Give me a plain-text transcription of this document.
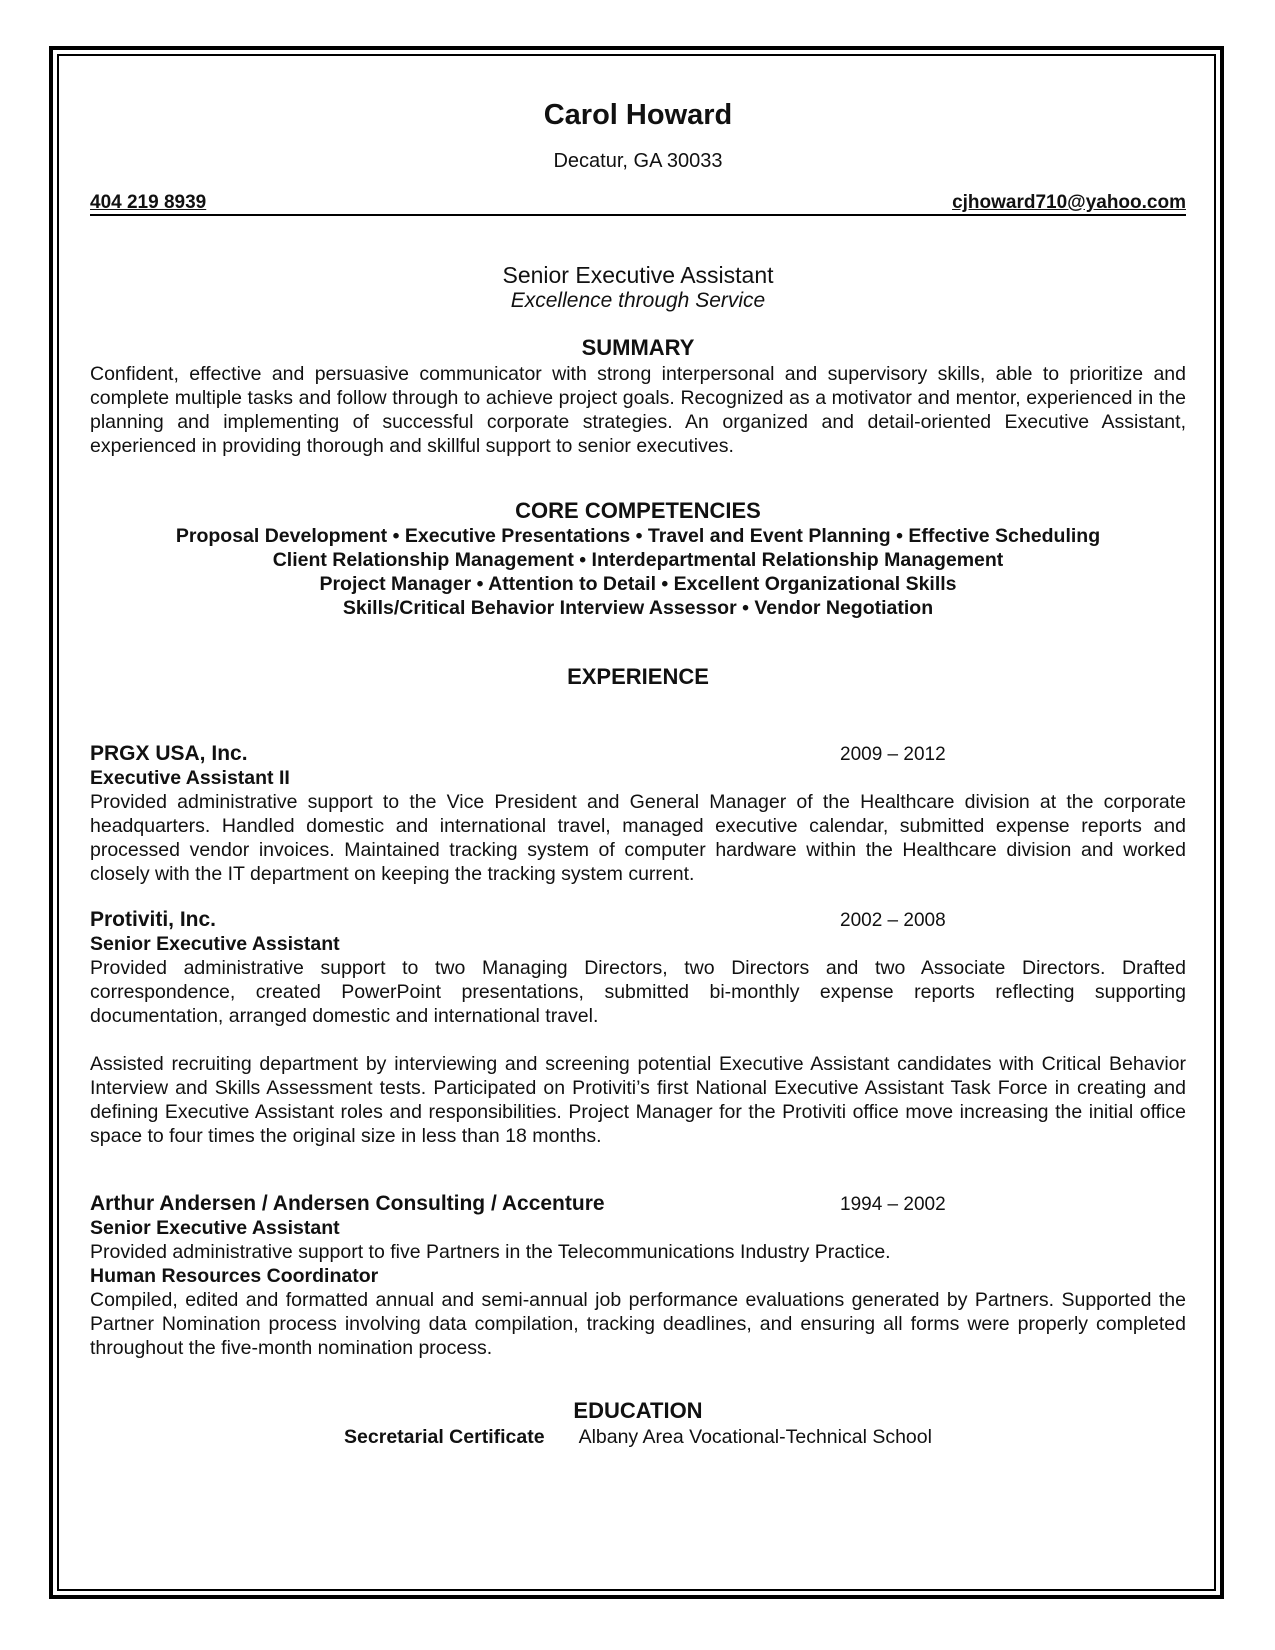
Carol Howard
Decatur, GA 30033
404 219 8939	cjhoward710@yahoo.com
Senior Executive Assistant
Excellence through Service
SUMMARY

Confident, effective and persuasive communicator with strong interpersonal and supervisory skills, able to prioritize and complete multiple tasks and follow through to achieve project goals. Recognized as a motivator and mentor, experienced in the planning and implementing of successful corporate strategies. An organized and detail-oriented Executive Assistant, experienced in providing thorough and skillful support to senior executives.

CORE COMPETENCIES
Proposal Development • Executive Presentations • Travel and Event Planning • Effective Scheduling
Client Relationship Management • Interdepartmental Relationship Management
Project Manager • Attention to Detail • Excellent Organizational Skills
Skills/Critical Behavior Interview Assessor • Vendor Negotiation
EXPERIENCE
PRGX USA, Inc.	2009 – 2012
Executive Assistant II

Provided administrative support to the Vice President and General Manager of the Healthcare division at the corporate headquarters. Handled domestic and international travel, managed executive calendar, submitted expense reports and processed vendor invoices. Maintained tracking system of computer hardware within the Healthcare division and worked closely with the IT department on keeping the tracking system current.

Protiviti, Inc.	2002 – 2008
Senior Executive Assistant

Provided administrative support to two Managing Directors, two Directors and two Associate Directors. Drafted correspondence, created PowerPoint presentations, submitted bi-monthly expense reports reflecting supporting documentation, arranged domestic and international travel.

Assisted recruiting department by interviewing and screening potential Executive Assistant candidates with Critical Behavior Interview and Skills Assessment tests. Participated on Protiviti’s first National Executive Assistant Task Force in creating and defining Executive Assistant roles and responsibilities. Project Manager for the Protiviti office move increasing the initial office space to four times the original size in less than 18 months.

Arthur Andersen / Andersen Consulting / Accenture	1994 – 2002
Senior Executive Assistant

Provided administrative support to five Partners in the Telecommunications Industry Practice.

Human Resources Coordinator

Compiled, edited and formatted annual and semi-annual job performance evaluations generated by Partners. Supported the Partner Nomination process involving data compilation, tracking deadlines, and ensuring all forms were properly completed throughout the five-month nomination process.

EDUCATION
Secretarial Certificate Albany Area Vocational-Technical School
